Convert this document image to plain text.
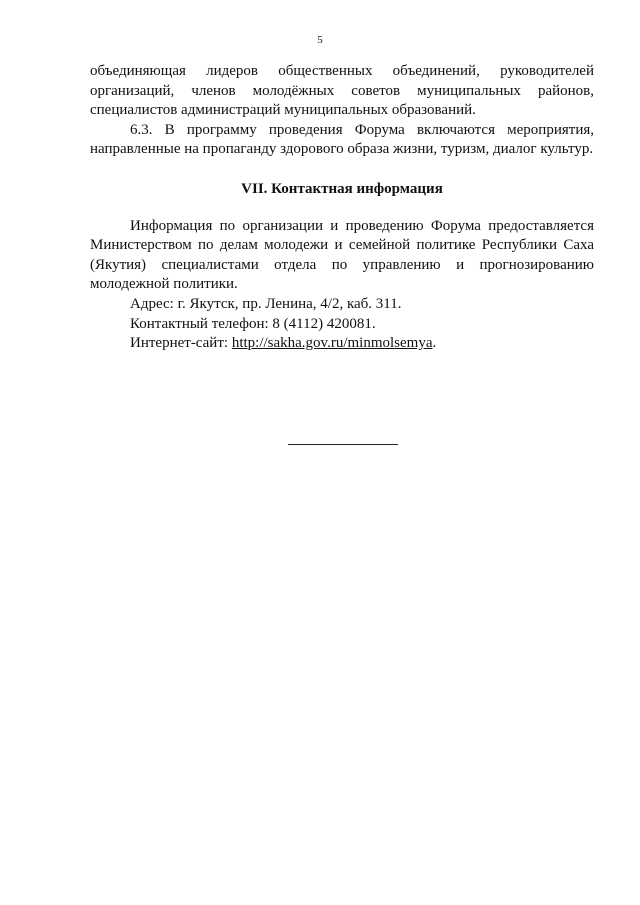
5

объединяющая лидеров общественных объединений, руководителей организаций, членов молодёжных советов муниципальных районов, специалистов администраций муниципальных образований.

6.3. В программу проведения Форума включаются мероприятия, направленные на пропаганду здорового образа жизни, туризм, диалог культур.

VII. Контактная информация

Информация по организации и проведению Форума предоставляется Министерством по делам молодежи и семейной политике Республики Саха (Якутия) специалистами отдела по управлению и прогнозированию молодежной политики.

Адрес: г. Якутск, пр. Ленина, 4/2, каб. 311.

Контактный телефон: 8 (4112) 420081.

Интернет-сайт: http://sakha.gov.ru/minmolsemya.
